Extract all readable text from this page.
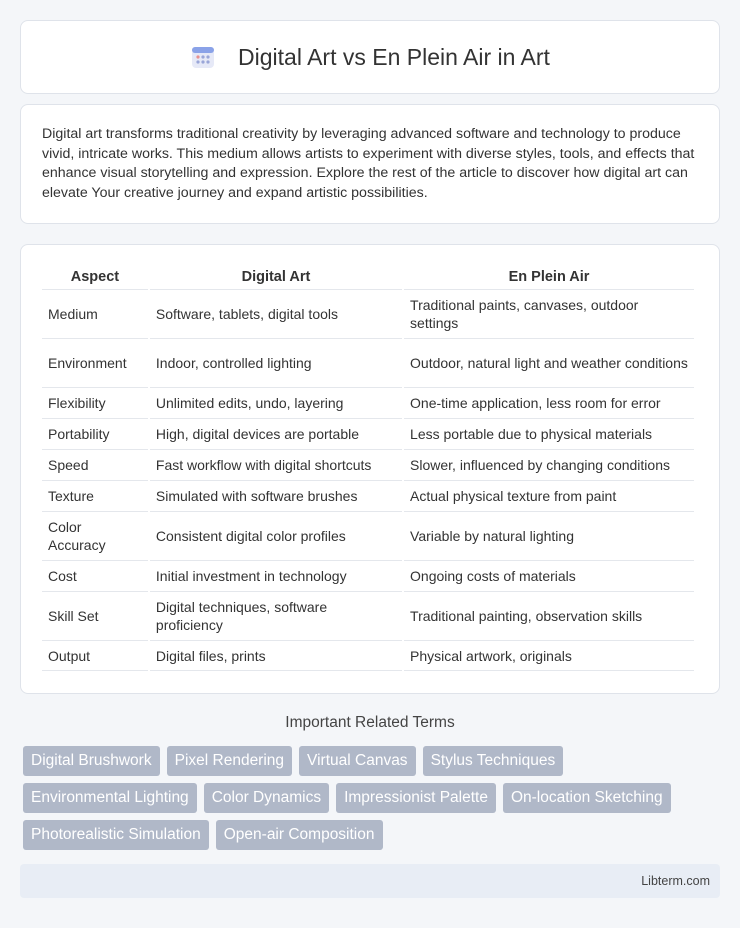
Digital Art vs En Plein Air in Art

Digital art transforms traditional creativity by leveraging advanced software and technology to produce vivid, intricate works. This medium allows artists to experiment with diverse styles, tools, and effects that enhance visual storytelling and expression. Explore the rest of the article to discover how digital art can elevate Your creative journey and expand artistic possibilities.

Aspect	Digital Art	En Plein Air
Medium	Software, tablets, digital tools	Traditional paints, canvases, outdoor settings
Environment	Indoor, controlled lighting	Outdoor, natural light and weather conditions
Flexibility	Unlimited edits, undo, layering	One-time application, less room for error
Portability	High, digital devices are portable	Less portable due to physical materials
Speed	Fast workflow with digital shortcuts	Slower, influenced by changing conditions
Texture	Simulated with software brushes	Actual physical texture from paint
Color Accuracy	Consistent digital color profiles	Variable by natural lighting
Cost	Initial investment in technology	Ongoing costs of materials
Skill Set	Digital techniques, software proficiency	Traditional painting, observation skills
Output	Digital files, prints	Physical artwork, originals
Important Related Terms
Digital Brushwork	Pixel Rendering	Virtual Canvas	Stylus Techniques
Environmental Lighting	Color Dynamics	Impressionist Palette	On-location Sketching
Photorealistic Simulation	Open-air Composition
Libterm.com
